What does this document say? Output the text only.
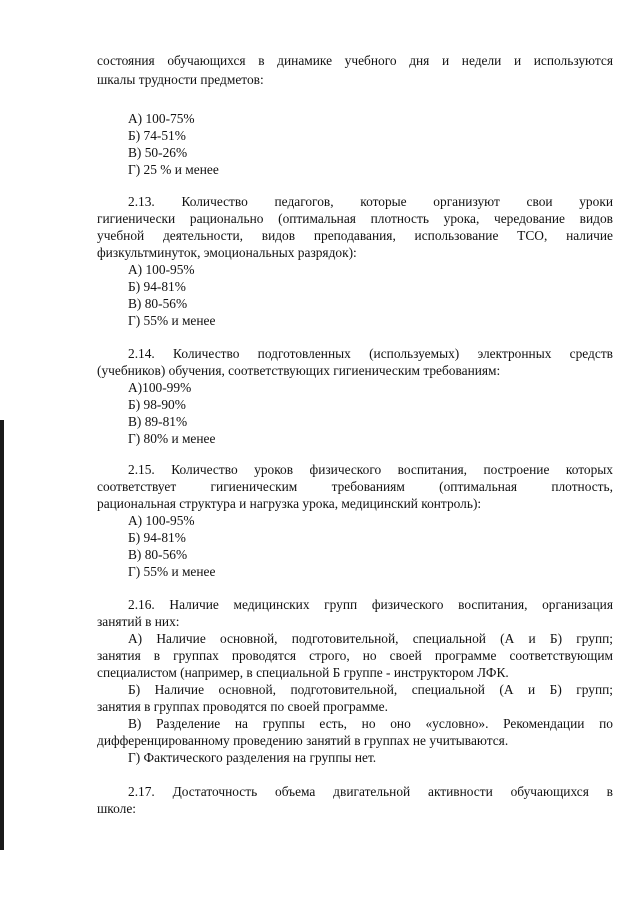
состояния обучающихся в динамике учебного дня и недели и используются

шкалы трудности предметов:

А) 100-75%

Б) 74-51%

В) 50-26%

Г) 25 % и менее

2.13. Количество педагогов, которые организуют свои уроки

гигиенически рационально (оптимальная плотность урока, чередование видов

учебной деятельности, видов преподавания, использование ТСО, наличие

физкультминуток, эмоциональных разрядок):

А) 100-95%

Б) 94-81%

В) 80-56%

Г) 55% и менее

2.14. Количество подготовленных (используемых) электронных средств

(учебников) обучения, соответствующих гигиеническим требованиям:

А)100-99%

Б) 98-90%

В) 89-81%

Г) 80% и менее

2.15. Количество уроков физического воспитания, построение которых

соответствует гигиеническим требованиям (оптимальная плотность,

рациональная структура и нагрузка урока, медицинский контроль):

А) 100-95%

Б) 94-81%

В) 80-56%

Г) 55% и менее

2.16. Наличие медицинских групп физического воспитания, организация

занятий в них:

А) Наличие основной, подготовительной, специальной (А и Б) групп;

занятия в группах проводятся строго, но своей программе соответствующим

специалистом (например, в специальной Б группе - инструктором ЛФК.

Б) Наличие основной, подготовительной, специальной (А и Б) групп;

занятия в группах проводятся по своей программе.

В) Разделение на группы есть, но оно «условно». Рекомендации по

дифференцированному проведению занятий в группах не учитываются.

Г) Фактического разделения на группы нет.

2.17. Достаточность объема двигательной активности обучающихся в

школе:
